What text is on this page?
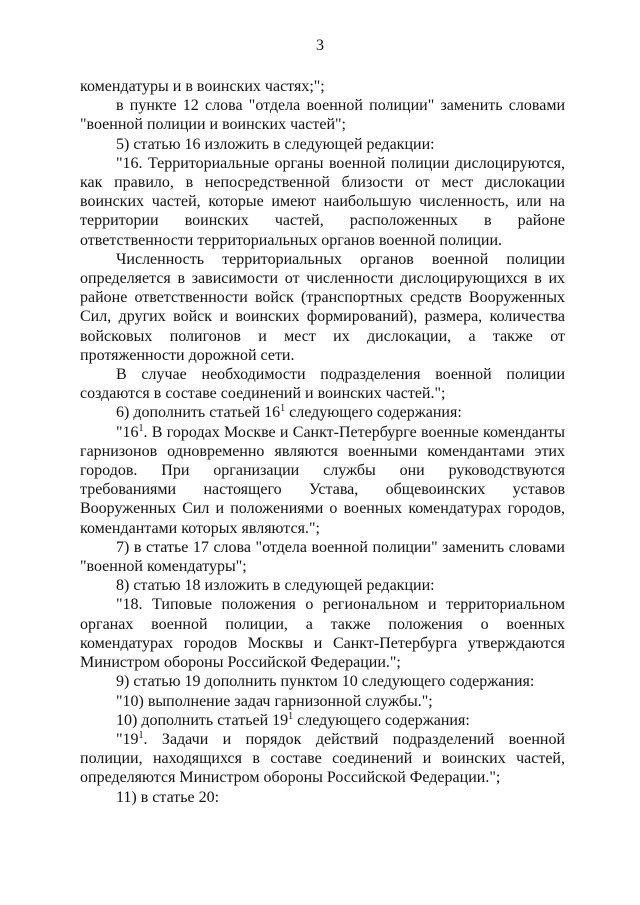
3
комендатуры и в воинских частях;";
в пункте 12 слова "отдела военной полиции" заменить словами "военной полиции и воинских частей";
5) статью 16 изложить в следующей редакции:
"16. Территориальные органы военной полиции дислоцируются, как правило, в непосредственной близости от мест дислокации воинских частей, которые имеют наибольшую численность, или на территории воинских частей, расположенных в районе ответственности территориальных органов военной полиции.
Численность территориальных органов военной полиции определяется в зависимости от численности дислоцирующихся в их районе ответственности войск (транспортных средств Вооруженных Сил, других войск и воинских формирований), размера, количества войсковых полигонов и мест их дислокации, а также от протяженности дорожной сети.
В случае необходимости подразделения военной полиции создаются в составе соединений и воинских частей.";
6) дополнить статьей $16^1$ следующего содержания:
"$16^1$. В городах Москве и Санкт-Петербурге военные коменданты гарнизонов одновременно являются военными комендантами этих городов. При организации службы они руководствуются требованиями настоящего Устава, общевоинских уставов Вооруженных Сил и положениями о военных комендатурах городов, комендантами которых являются.";
7) в статье 17 слова "отдела военной полиции" заменить словами "военной комендатуры";
8) статью 18 изложить в следующей редакции:
"18. Типовые положения о региональном и территориальном органах военной полиции, а также положения о военных комендатурах городов Москвы и Санкт-Петербурга утверждаются Министром обороны Российской Федерации.";
9) статью 19 дополнить пунктом 10 следующего содержания:
"10) выполнение задач гарнизонной службы.";
10) дополнить статьей $19^1$ следующего содержания:
"$19^1$. Задачи и порядок действий подразделений военной полиции, находящихся в составе соединений и воинских частей, определяются Министром обороны Российской Федерации.";
11) в статье 20:
